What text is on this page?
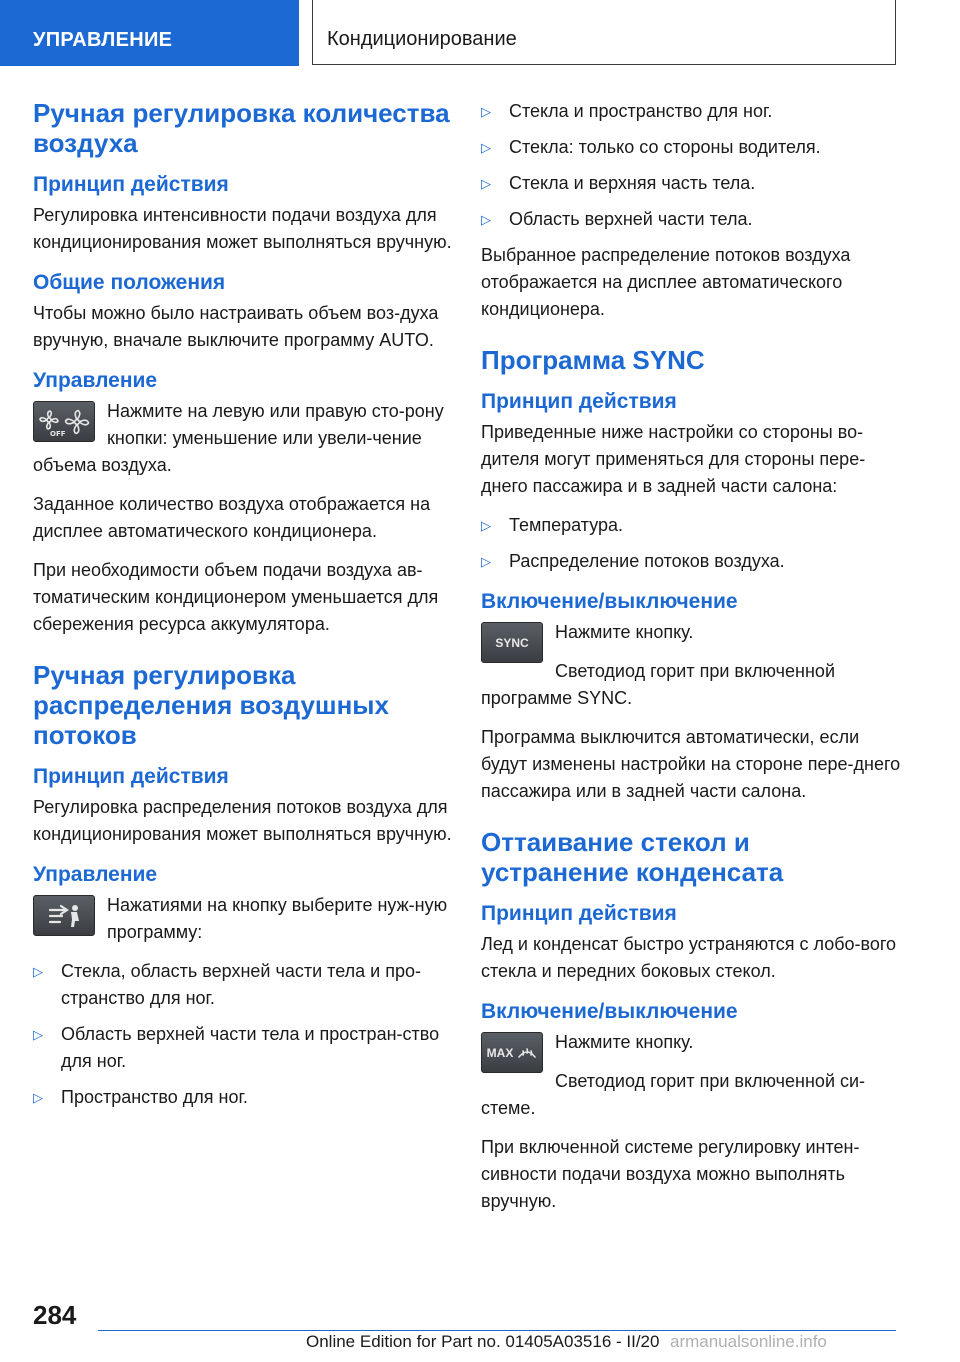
УПРАВЛЕНИЕ	Кондиционирование
Ручная регулировка количества воздуха
Принцип действия

Регулировка интенсивности подачи воздуха для кондиционирования может выполняться вручную.

Общие положения

Чтобы можно было настраивать объем воз-духа вручную, вначале выключите программу AUTO.

Управление
OFF

Нажмите на левую или правую сто-рону кнопки: уменьшение или увели-чение объема воздуха.

Заданное количество воздуха отображается на дисплее автоматического кондиционера.

При необходимости объем подачи воздуха ав-томатическим кондиционером уменьшается для сбережения ресурса аккумулятора.

Ручная регулировка распределения воздушных потоков
Принцип действия

Регулировка распределения потоков воздуха для кондиционирования может выполняться вручную.

Управление

Нажатиями на кнопку выберите нуж-ную программу:

▷ Стекла, область верхней части тела и про-странство для ног.
▷ Область верхней части тела и простран-ство для ног.
▷ Пространство для ног.
▷ Стекла и пространство для ног.
▷ Стекла: только со стороны водителя.
▷ Стекла и верхняя часть тела.
▷ Область верхней части тела.

Выбранное распределение потоков воздуха отображается на дисплее автоматического кондиционера.

Программа SYNC
Принцип действия

Приведенные ниже настройки со стороны во-дителя могут применяться для стороны пере-днего пассажира и в задней части салона:

▷ Температура.
▷ Распределение потоков воздуха.
Включение/выключение
SYNC

Нажмите кнопку.

Светодиод горит при включенной программе SYNC.

Программа выключится автоматически, если будут изменены настройки на стороне пере-днего пассажира или в задней части салона.

Оттаивание стекол и устранение конденсата
Принцип действия

Лед и конденсат быстро устраняются с лобо-вого стекла и передних боковых стекол.

Включение/выключение
MAX

Нажмите кнопку.

Светодиод горит при включенной си-стеме.

При включенной системе регулировку интен-сивности подачи воздуха можно выполнять вручную.

284
Online Edition for Part no. 01405A03516 - II/20 armanualsonline.info
